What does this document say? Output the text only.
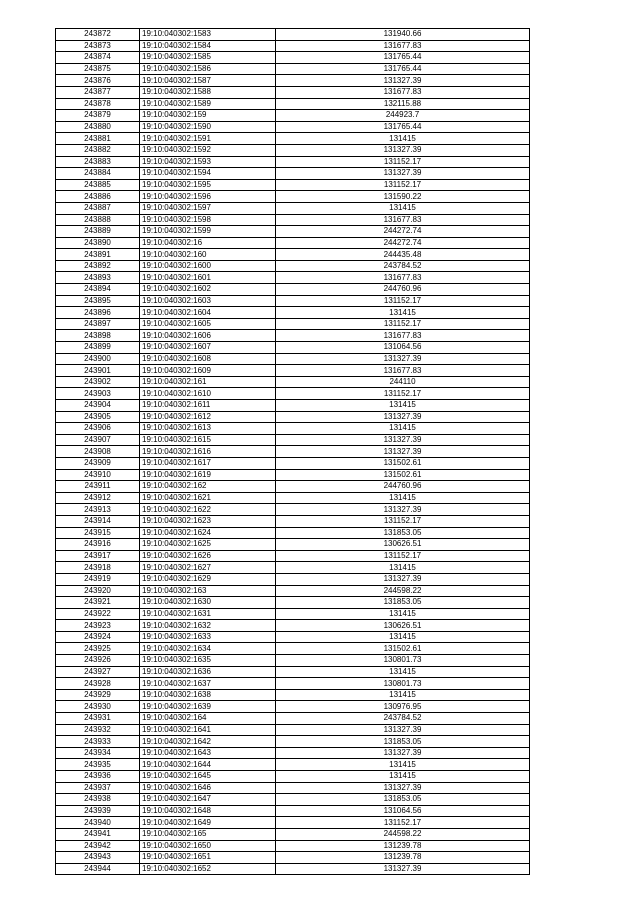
243872	19:10:040302:1583	131940.66
243873	19:10:040302:1584	131677.83
243874	19:10:040302:1585	131765.44
243875	19:10:040302:1586	131765.44
243876	19:10:040302:1587	131327.39
243877	19:10:040302:1588	131677.83
243878	19:10:040302:1589	132115.88
243879	19:10:040302:159	244923.7
243880	19:10:040302:1590	131765.44
243881	19:10:040302:1591	131415
243882	19:10:040302:1592	131327.39
243883	19:10:040302:1593	131152.17
243884	19:10:040302:1594	131327.39
243885	19:10:040302:1595	131152.17
243886	19:10:040302:1596	131590.22
243887	19:10:040302:1597	131415
243888	19:10:040302:1598	131677.83
243889	19:10:040302:1599	244272.74
243890	19:10:040302:16	244272.74
243891	19:10:040302:160	244435.48
243892	19:10:040302:1600	243784.52
243893	19:10:040302:1601	131677.83
243894	19:10:040302:1602	244760.96
243895	19:10:040302:1603	131152.17
243896	19:10:040302:1604	131415
243897	19:10:040302:1605	131152.17
243898	19:10:040302:1606	131677.83
243899	19:10:040302:1607	131064.56
243900	19:10:040302:1608	131327.39
243901	19:10:040302:1609	131677.83
243902	19:10:040302:161	244110
243903	19:10:040302:1610	131152.17
243904	19:10:040302:1611	131415
243905	19:10:040302:1612	131327.39
243906	19:10:040302:1613	131415
243907	19:10:040302:1615	131327.39
243908	19:10:040302:1616	131327.39
243909	19:10:040302:1617	131502.61
243910	19:10:040302:1619	131502.61
243911	19:10:040302:162	244760.96
243912	19:10:040302:1621	131415
243913	19:10:040302:1622	131327.39
243914	19:10:040302:1623	131152.17
243915	19:10:040302:1624	131853.05
243916	19:10:040302:1625	130626.51
243917	19:10:040302:1626	131152.17
243918	19:10:040302:1627	131415
243919	19:10:040302:1629	131327.39
243920	19:10:040302:163	244598.22
243921	19:10:040302:1630	131853.05
243922	19:10:040302:1631	131415
243923	19:10:040302:1632	130626.51
243924	19:10:040302:1633	131415
243925	19:10:040302:1634	131502.61
243926	19:10:040302:1635	130801.73
243927	19:10:040302:1636	131415
243928	19:10:040302:1637	130801.73
243929	19:10:040302:1638	131415
243930	19:10:040302:1639	130976.95
243931	19:10:040302:164	243784.52
243932	19:10:040302:1641	131327.39
243933	19:10:040302:1642	131853.05
243934	19:10:040302:1643	131327.39
243935	19:10:040302:1644	131415
243936	19:10:040302:1645	131415
243937	19:10:040302:1646	131327.39
243938	19:10:040302:1647	131853.05
243939	19:10:040302:1648	131064.56
243940	19:10:040302:1649	131152.17
243941	19:10:040302:165	244598.22
243942	19:10:040302:1650	131239.78
243943	19:10:040302:1651	131239.78
243944	19:10:040302:1652	131327.39
